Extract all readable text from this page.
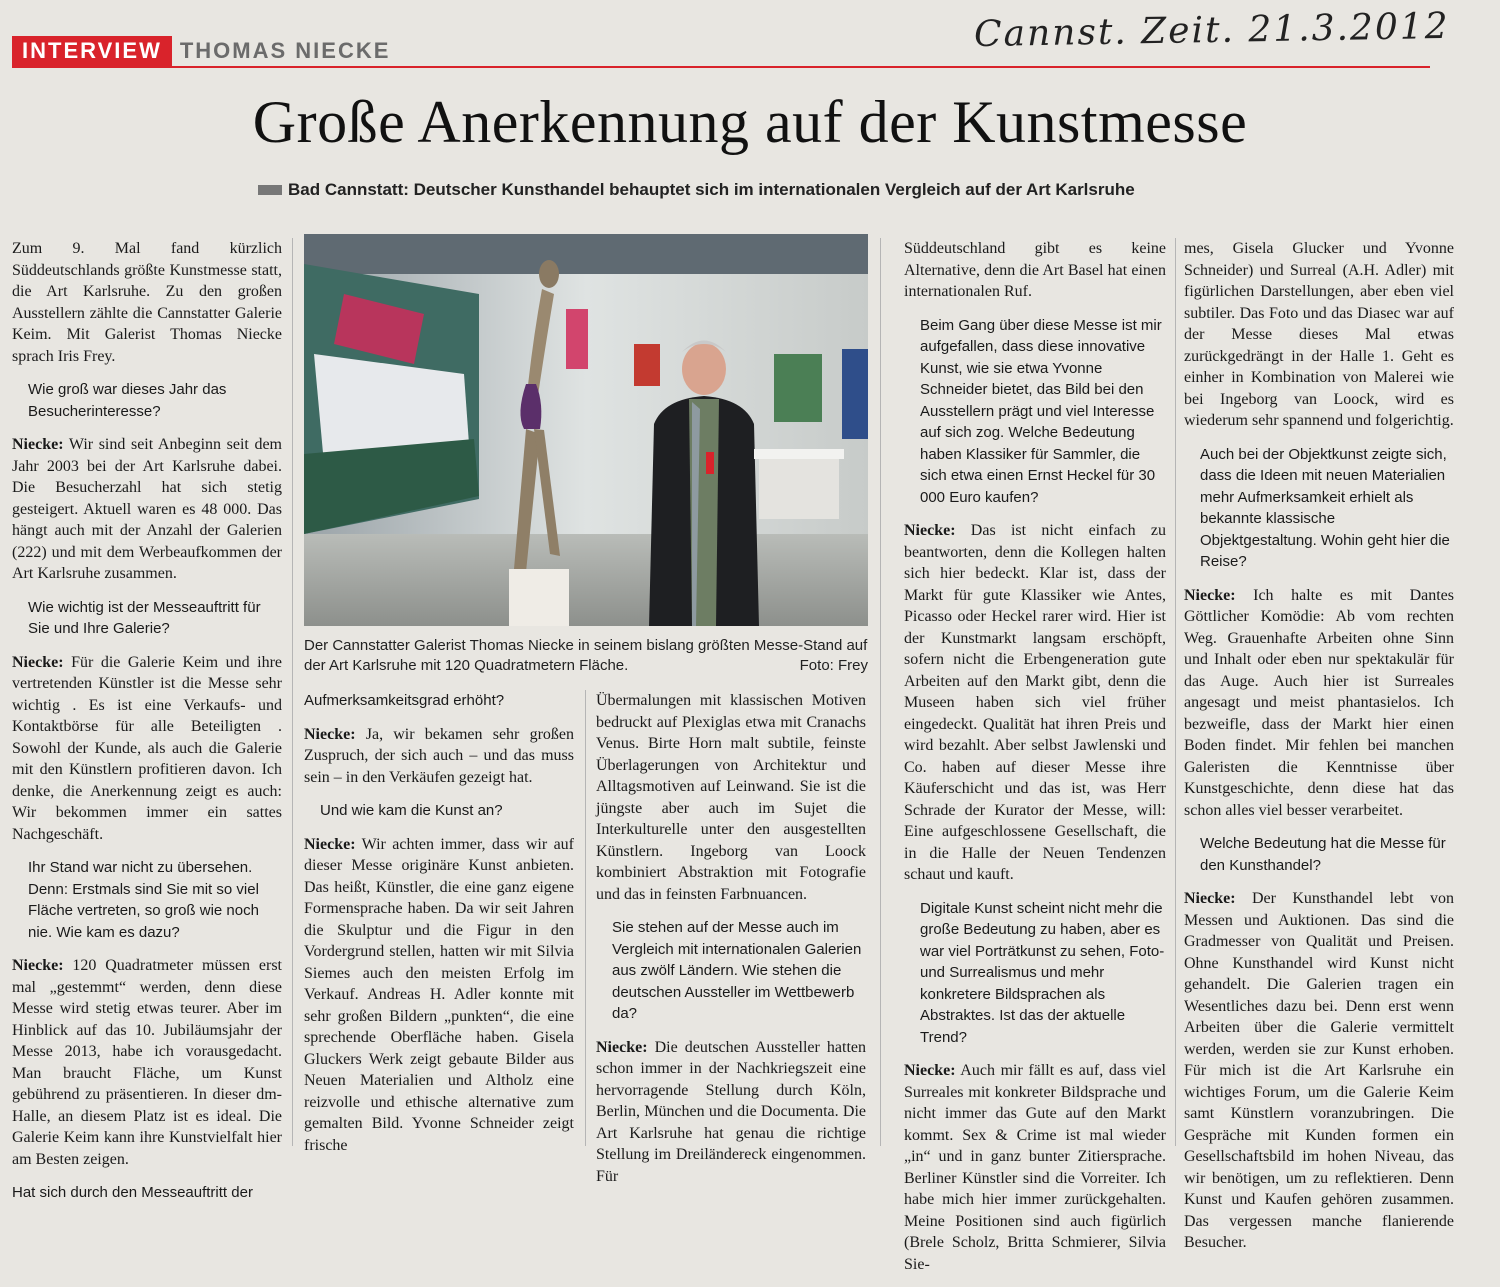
Cannst. Zeit. 21.3.2012
INTERVIEW THOMAS NIECKE
Große Anerkennung auf der Kunstmesse
Bad Cannstatt: Deutscher Kunsthandel behauptet sich im internationalen Vergleich auf der Art Karlsruhe
Der Cannstatter Galerist Thomas Niecke in seinem bislang größten Messe-Stand auf der Art Karlsruhe mit 120 Quadratmetern Fläche.	Foto: Frey

Zum 9. Mal fand kürzlich Süddeutschlands größte Kunstmesse statt, die Art Karlsruhe. Zu den großen Ausstellern zählte die Cannstatter Galerie Keim. Mit Galerist Thomas Niecke sprach Iris Frey.

Wie groß war dieses Jahr das Besucherinteresse?

Niecke: Wir sind seit Anbeginn seit dem Jahr 2003 bei der Art Karlsruhe dabei. Die Besucherzahl hat sich stetig gesteigert. Aktuell waren es 48 000. Das hängt auch mit der Anzahl der Galerien (222) und mit dem Werbeaufkommen der Art Karlsruhe zusammen.

Wie wichtig ist der Messeauftritt für Sie und Ihre Galerie?

Niecke: Für die Galerie Keim und ihre vertretenden Künstler ist die Messe sehr wichtig . Es ist eine Verkaufs- und Kontaktbörse für alle Beteiligten . Sowohl der Kunde, als auch die Galerie mit den Künstlern profitieren davon. Ich denke, die Anerkennung zeigt es auch: Wir bekommen immer ein sattes Nachgeschäft.

Ihr Stand war nicht zu übersehen. Denn: Erstmals sind Sie mit so viel Fläche vertreten, so groß wie noch nie. Wie kam es dazu?

Niecke: 120 Quadratmeter müssen erst mal „gestemmt“ werden, denn diese Messe wird stetig etwas teurer. Aber im Hinblick auf das 10. Jubiläumsjahr der Messe 2013, habe ich vorausgedacht. Man braucht Fläche, um Kunst gebührend zu präsentieren. In dieser dm-Halle, an diesem Platz ist es ideal. Die Galerie Keim kann ihre Kunstvielfalt hier am Besten zeigen.

Hat sich durch den Messeauftritt der

Aufmerksamkeitsgrad erhöht?

Niecke: Ja, wir bekamen sehr großen Zuspruch, der sich auch – und das muss sein – in den Verkäufen gezeigt hat.

Und wie kam die Kunst an?

Niecke: Wir achten immer, dass wir auf dieser Messe originäre Kunst anbieten. Das heißt, Künstler, die eine ganz eigene Formensprache haben. Da wir seit Jahren die Skulptur und die Figur in den Vordergrund stellen, hatten wir mit Silvia Siemes auch den meisten Erfolg im Verkauf. Andreas H. Adler konnte mit sehr großen Bildern „punkten“, die eine sprechende Oberfläche haben. Gisela Gluckers Werk zeigt gebaute Bilder aus Neuen Materialien und Altholz eine reizvolle und ethische alternative zum gemalten Bild. Yvonne Schneider zeigt frische

Übermalungen mit klassischen Motiven bedruckt auf Plexiglas etwa mit Cranachs Venus. Birte Horn malt subtile, feinste Überlagerungen von Architektur und Alltagsmotiven auf Leinwand. Sie ist die jüngste aber auch im Sujet die Interkulturelle unter den ausgestellten Künstlern. Ingeborg van Loock kombiniert Abstraktion mit Fotografie und das in feinsten Farbnuancen.

Sie stehen auf der Messe auch im Vergleich mit internationalen Galerien aus zwölf Ländern. Wie stehen die deutschen Aussteller im Wettbewerb da?

Niecke: Die deutschen Aussteller hatten schon immer in der Nachkriegszeit eine hervorragende Stellung durch Köln, Berlin, München und die Documenta. Die Art Karlsruhe hat genau die richtige Stellung im Dreiländereck eingenommen. Für

Süddeutschland gibt es keine Alternative, denn die Art Basel hat einen internationalen Ruf.

Beim Gang über diese Messe ist mir aufgefallen, dass diese innovative Kunst, wie sie etwa Yvonne Schneider bietet, das Bild bei den Ausstellern prägt und viel Interesse auf sich zog. Welche Bedeutung haben Klassiker für Sammler, die sich etwa einen Ernst Heckel für 30 000 Euro kaufen?

Niecke: Das ist nicht einfach zu beantworten, denn die Kollegen halten sich hier bedeckt. Klar ist, dass der Markt für gute Klassiker wie Antes, Picasso oder Heckel rarer wird. Hier ist der Kunstmarkt langsam erschöpft, sofern nicht die Erbengeneration gute Arbeiten auf den Markt gibt, denn die Museen haben sich viel früher eingedeckt. Qualität hat ihren Preis und wird bezahlt. Aber selbst Jawlenski und Co. haben auf dieser Messe ihre Käuferschicht und das ist, was Herr Schrade der Kurator der Messe, will: Eine aufgeschlossene Gesellschaft, die in die Halle der Neuen Tendenzen schaut und kauft.

Digitale Kunst scheint nicht mehr die große Bedeutung zu haben, aber es war viel Porträtkunst zu sehen, Foto- und Surrealismus und mehr konkretere Bildsprachen als Abstraktes. Ist das der aktuelle Trend?

Niecke: Auch mir fällt es auf, dass viel Surreales mit konkreter Bildsprache und nicht immer das Gute auf den Markt kommt. Sex & Crime ist mal wieder „in“ und in ganz bunter Zitiersprache. Berliner Künstler sind die Vorreiter. Ich habe mich hier immer zurückgehalten. Meine Positionen sind auch figürlich (Brele Scholz, Britta Schmierer, Silvia Sie-

mes, Gisela Glucker und Yvonne Schneider) und Surreal (A.H. Adler) mit figürlichen Darstellungen, aber eben viel subtiler. Das Foto und das Diasec war auf der Messe dieses Mal etwas zurückgedrängt in der Halle 1. Geht es einher in Kombination von Malerei wie bei Ingeborg van Loock, wird es wiederum sehr spannend und folgerichtig.

Auch bei der Objektkunst zeigte sich, dass die Ideen mit neuen Materialien mehr Aufmerksamkeit erhielt als bekannte klassische Objektgestaltung. Wohin geht hier die Reise?

Niecke: Ich halte es mit Dantes Göttlicher Komödie: Ab vom rechten Weg. Grauenhafte Arbeiten ohne Sinn und Inhalt oder eben nur spektakulär für das Auge. Auch hier ist Surreales angesagt und meist phantasielos. Ich bezweifle, dass der Markt hier einen Boden findet. Mir fehlen bei manchen Galeristen die Kenntnisse über Kunstgeschichte, denn diese hat das schon alles viel besser verarbeitet.

Welche Bedeutung hat die Messe für den Kunsthandel?

Niecke: Der Kunsthandel lebt von Messen und Auktionen. Das sind die Gradmesser von Qualität und Preisen. Ohne Kunsthandel wird Kunst nicht gehandelt. Die Galerien tragen ein Wesentliches dazu bei. Denn erst wenn Arbeiten über die Galerie vermittelt werden, werden sie zur Kunst erhoben. Für mich ist die Art Karlsruhe ein wichtiges Forum, um die Galerie Keim samt Künstlern voranzubringen. Die Gespräche mit Kunden formen ein Gesellschaftsbild im hohen Niveau, das wir benötigen, um zu reflektieren. Denn Kunst und Kaufen gehören zusammen. Das vergessen manche flanierende Besucher.
